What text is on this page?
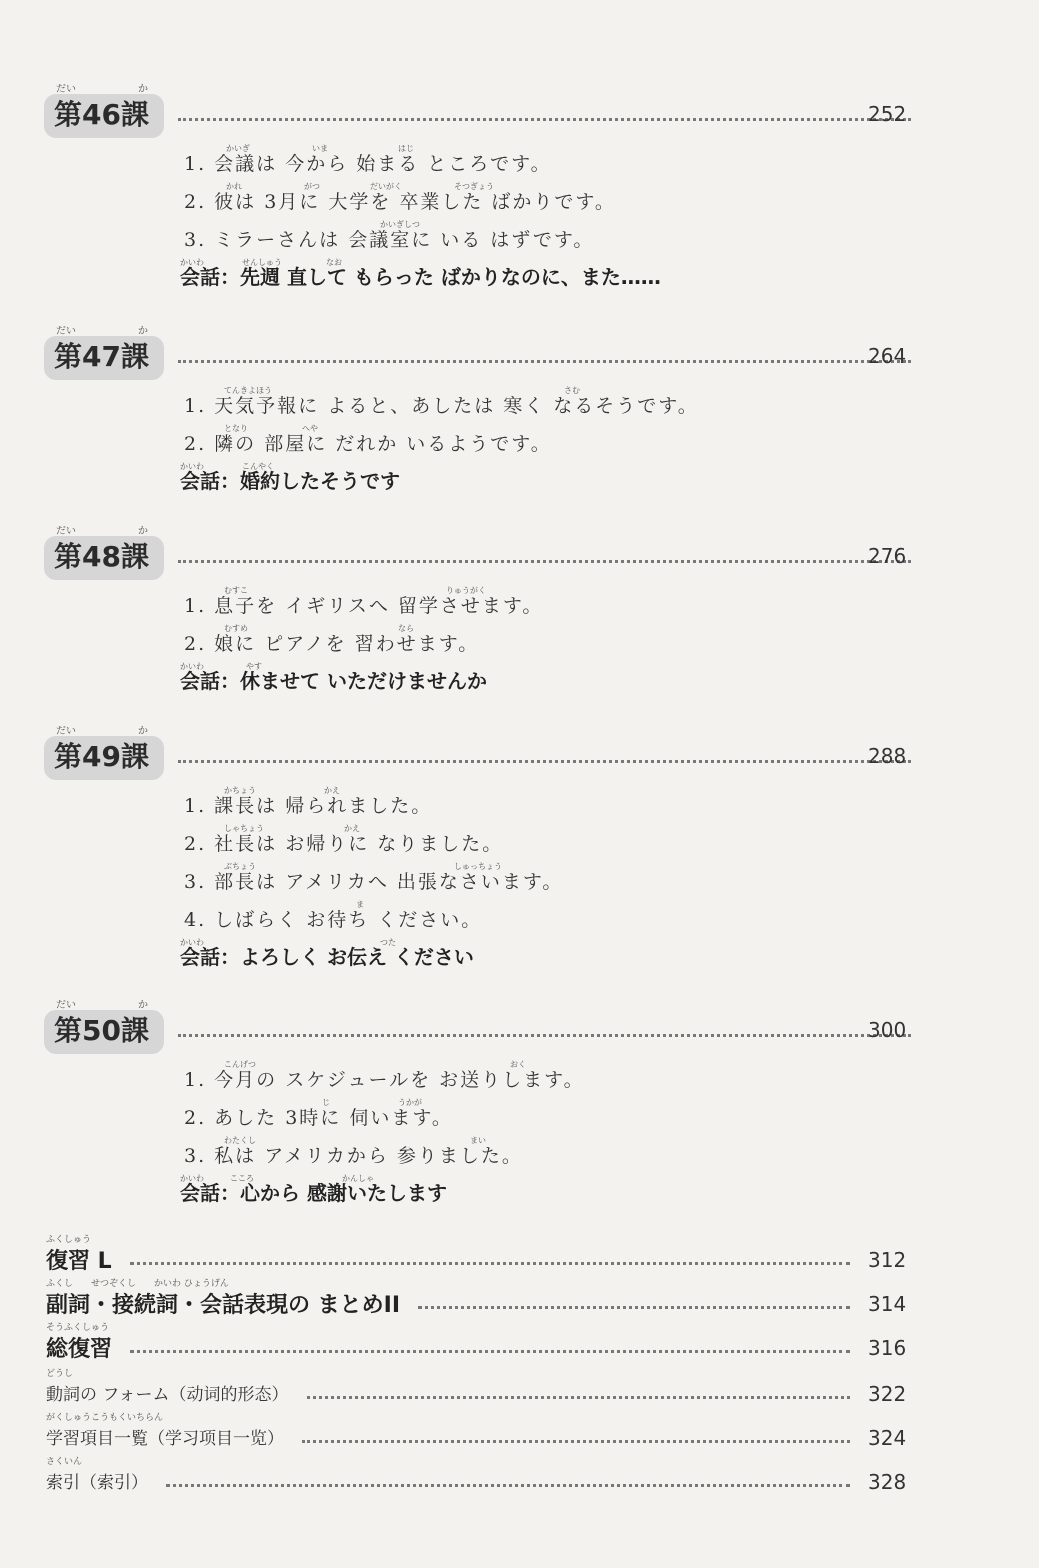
だい	か
第46課	252
1. 会議は 今から 始まる ところです。
かいぎ	いま	はじ
2. 彼は 3月に 大学を 卒業した ばかりです。
かれ	がつ	だいがく	そつぎょう
3. ミラーさんは 会議室に いる はずです。
かいぎしつ
会話：先週 直して もらった ばかりなのに、また……
かいわ	せんしゅう	なお
だい	か
第47課	264
1. 天気予報に よると、あしたは 寒く なるそうです。
てんきよほう	さむ
2. 隣の 部屋に だれか いるようです。
となり	へや
会話：婚約したそうです
かいわ	こんやく
だい	か
第48課	276
1. 息子を イギリスへ 留学させます。
むすこ	りゅうがく
2. 娘に ピアノを 習わせます。
むすめ	なら
会話：休ませて いただけませんか
かいわ	やす
だい	か
第49課	288
1. 課長は 帰られました。
かちょう	かえ
2. 社長は お帰りに なりました。
しゃちょう	かえ
3. 部長は アメリカへ 出張なさいます。
ぶちょう	しゅっちょう
4. しばらく お待ち ください。
ま
会話：よろしく お伝え ください
かいわ	つた
だい	か
第50課	300
1. 今月の スケジュールを お送りします。
こんげつ	おく
2. あした 3時に 伺います。
じ	うかが
3. 私は アメリカから 参りました。
わたくし	まい
会話：心から 感謝いたします
かいわ	こころ	かんしゃ
ふくしゅう
復習 L	312
ふくし　　せつぞくし　　かいわ ひょうげん
副詞・接続詞・会話表現の まとめII	314
そうふくしゅう
総復習	316
どうし
動詞の フォーム（动词的形态）	322
がくしゅうこうもくいちらん
学習項目一覧（学习项目一览）	324
さくいん
索引（索引）	328
